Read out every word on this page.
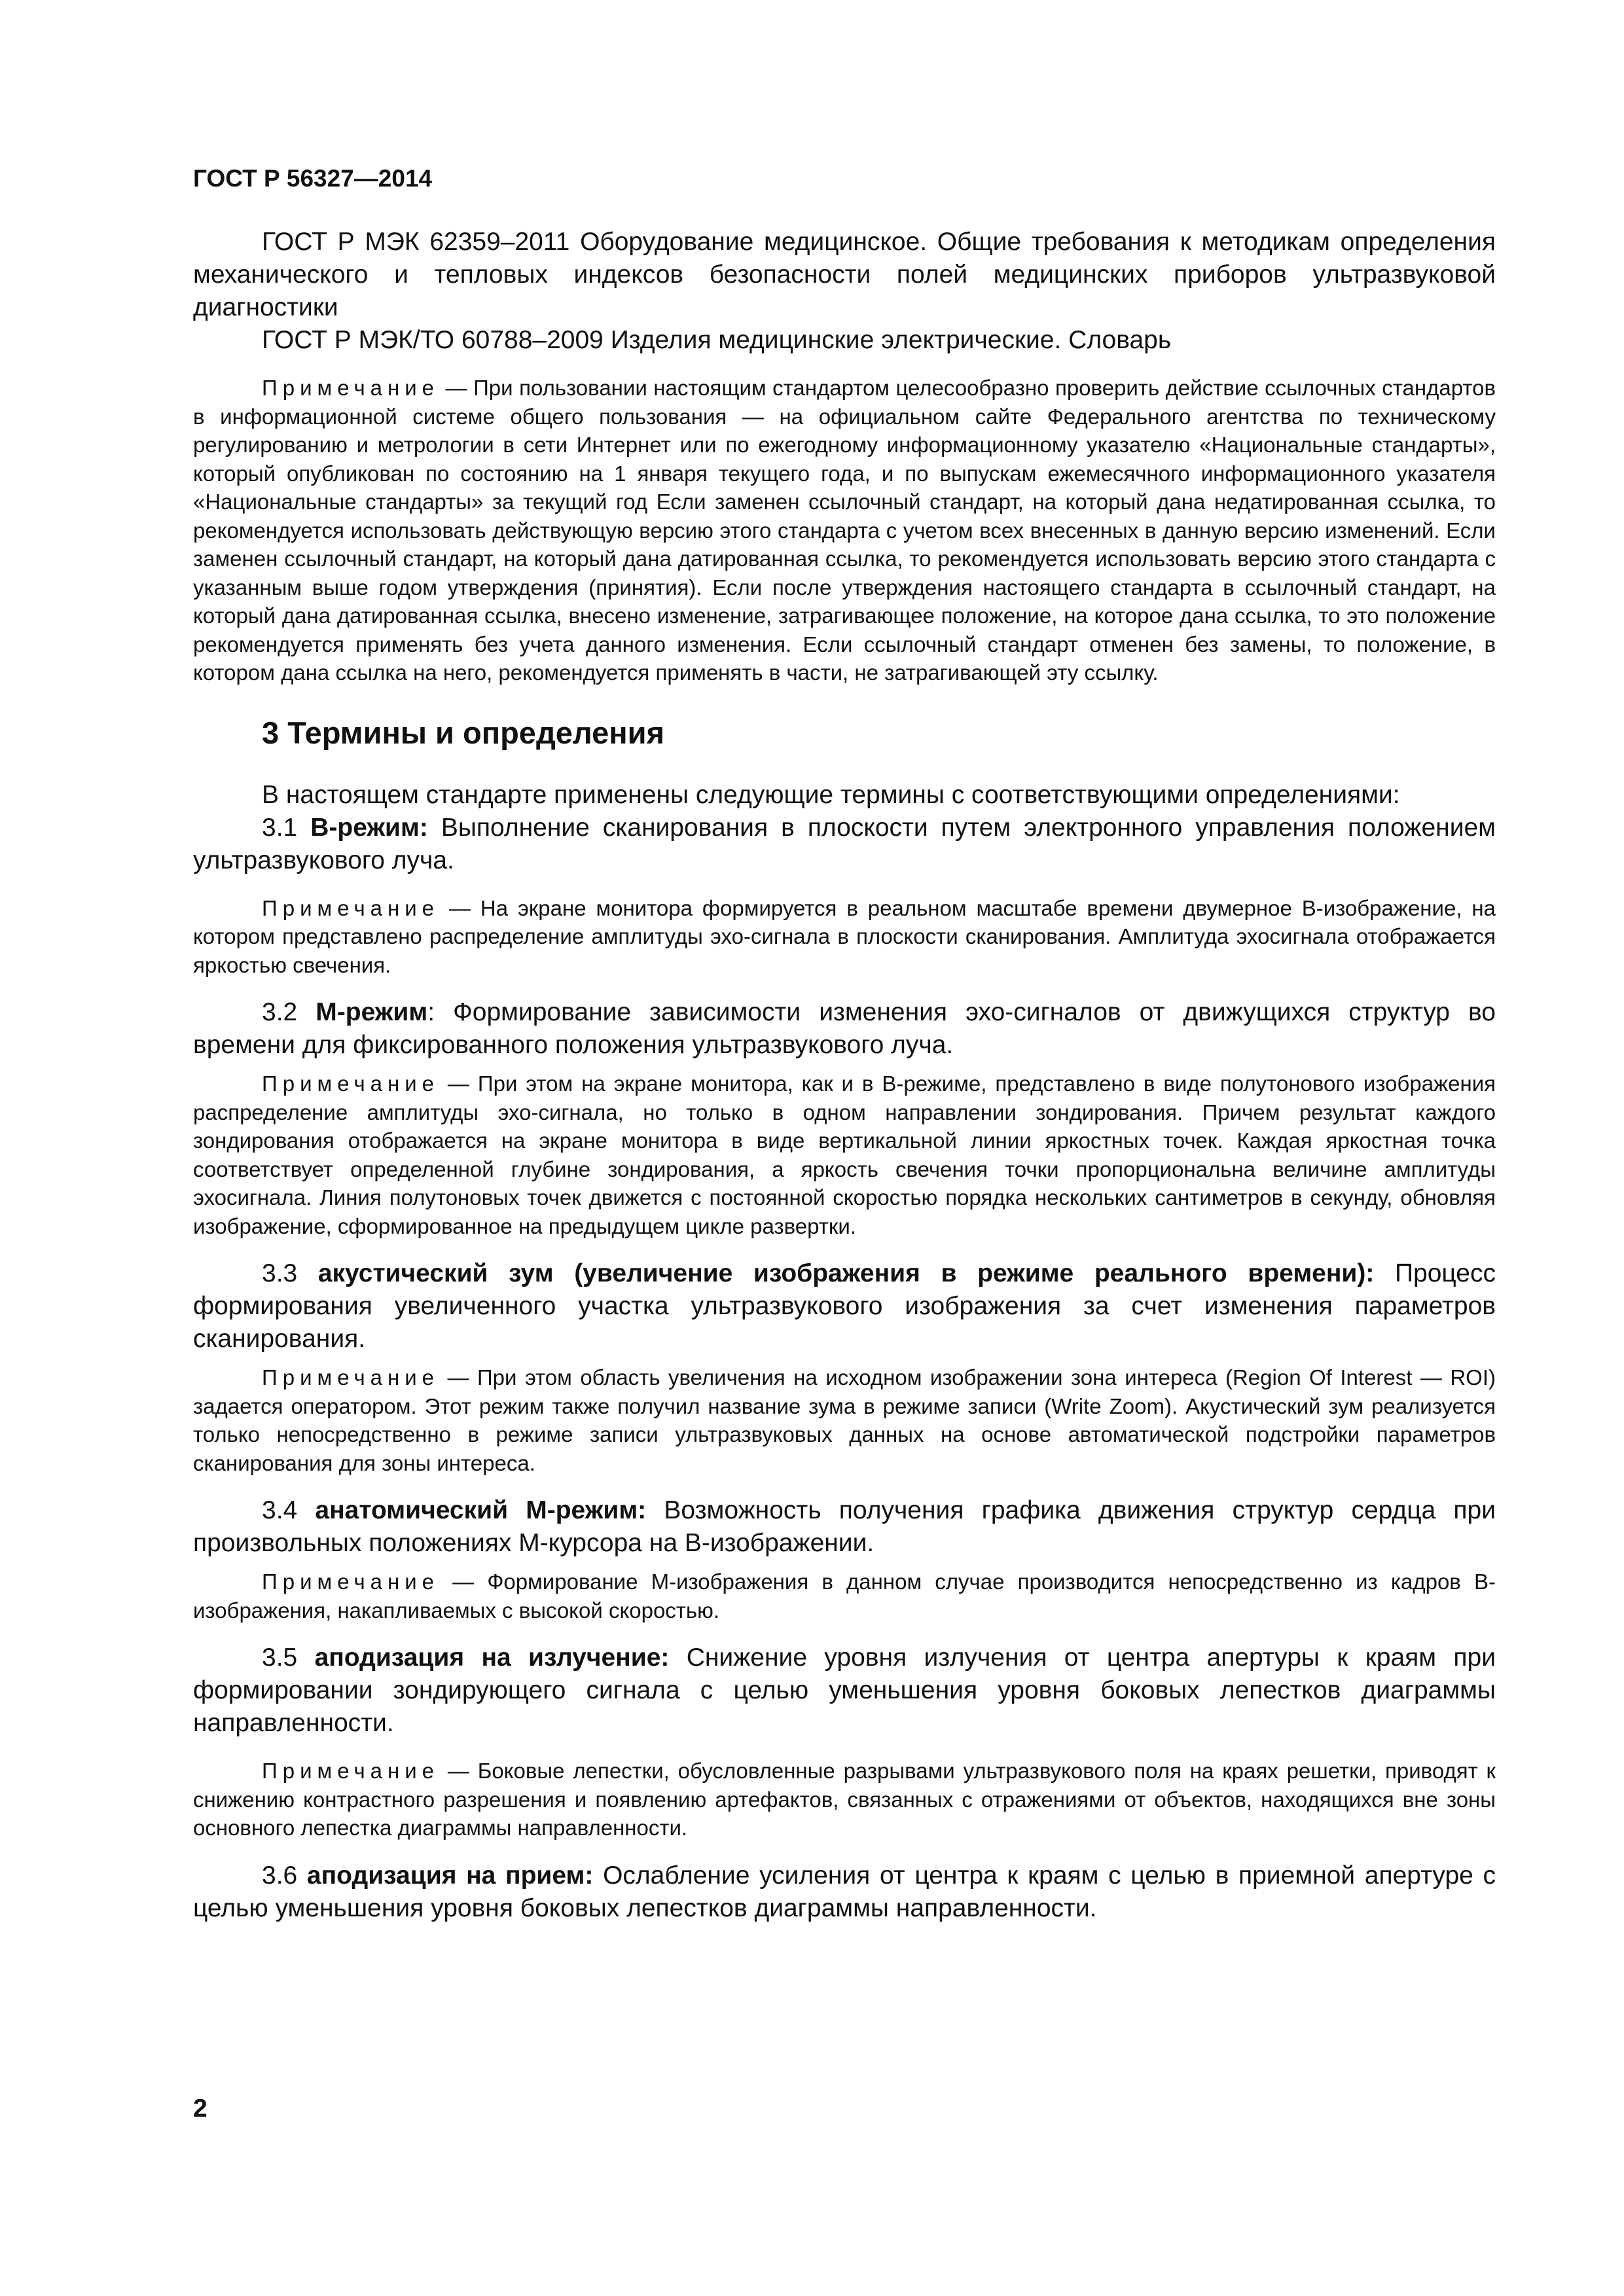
ГОСТ Р 56327—2014

ГОСТ Р МЭК 62359–2011 Оборудование медицинское. Общие требования к методикам определения механического и тепловых индексов безопасности полей медицинских приборов ультразвуковой диагностики

ГОСТ Р МЭК/ТО 60788–2009 Изделия медицинские электрические. Словарь

Примечание — При пользовании настоящим стандартом целесообразно проверить действие ссылочных стандартов в информационной системе общего пользования — на официальном сайте Федерального агентства по техническому регулированию и метрологии в сети Интернет или по ежегодному информационному указателю «Национальные стандарты», который опубликован по состоянию на 1 января текущего года, и по выпускам ежемесячного информационного указателя «Национальные стандарты» за текущий год Если заменен ссылочный стандарт, на который дана недатированная ссылка, то рекомендуется использовать действующую версию этого стандарта с учетом всех внесенных в данную версию изменений. Если заменен ссылочный стандарт, на который дана датированная ссылка, то рекомендуется использовать версию этого стандарта с указанным выше годом утверждения (принятия). Если после утверждения настоящего стандарта в ссылочный стандарт, на который дана датированная ссылка, внесено изменение, затрагивающее положение, на которое дана ссылка, то это положение рекомендуется применять без учета данного изменения. Если ссылочный стандарт отменен без замены, то положение, в котором дана ссылка на него, рекомендуется применять в части, не затрагивающей эту ссылку.

3 Термины и определения

В настоящем стандарте применены следующие термины с соответствующими определениями:

3.1 B-режим: Выполнение сканирования в плоскости путем электронного управления положением ультразвукового луча.

Примечание — На экране монитора формируется в реальном масштабе времени двумерное B-изображение, на котором представлено распределение амплитуды эхо-сигнала в плоскости сканирования. Амплитуда эхосигнала отображается яркостью свечения.

3.2 M-режим: Формирование зависимости изменения эхо-сигналов от движущихся структур во времени для фиксированного положения ультразвукового луча.

Примечание — При этом на экране монитора, как и в B-режиме, представлено в виде полутонового изображения распределение амплитуды эхо-сигнала, но только в одном направлении зондирования. Причем результат каждого зондирования отображается на экране монитора в виде вертикальной линии яркостных точек. Каждая яркостная точка соответствует определенной глубине зондирования, а яркость свечения точки пропорциональна величине амплитуды эхосигнала. Линия полутоновых точек движется с постоянной скоростью порядка нескольких сантиметров в секунду, обновляя изображение, сформированное на предыдущем цикле развертки.

3.3 акустический зум (увеличение изображения в режиме реального времени): Процесс формирования увеличенного участка ультразвукового изображения за счет изменения параметров сканирования.

Примечание — При этом область увеличения на исходном изображении зона интереса (Region Of Interest — ROI) задается оператором. Этот режим также получил название зума в режиме записи (Write Zoom). Акустический зум реализуется только непосредственно в режиме записи ультразвуковых данных на основе автоматической подстройки параметров сканирования для зоны интереса.

3.4 анатомический M-режим: Возможность получения графика движения структур сердца при произвольных положениях M-курсора на B-изображении.

Примечание — Формирование M-изображения в данном случае производится непосредственно из кадров B-изображения, накапливаемых с высокой скоростью.

3.5 аподизация на излучение: Снижение уровня излучения от центра апертуры к краям при формировании зондирующего сигнала с целью уменьшения уровня боковых лепестков диаграммы направленности.

Примечание — Боковые лепестки, обусловленные разрывами ультразвукового поля на краях решетки, приводят к снижению контрастного разрешения и появлению артефактов, связанных с отражениями от объектов, находящихся вне зоны основного лепестка диаграммы направленности.

3.6 аподизация на прием: Ослабление усиления от центра к краям с целью в приемной апертуре с целью уменьшения уровня боковых лепестков диаграммы направленности.

2
